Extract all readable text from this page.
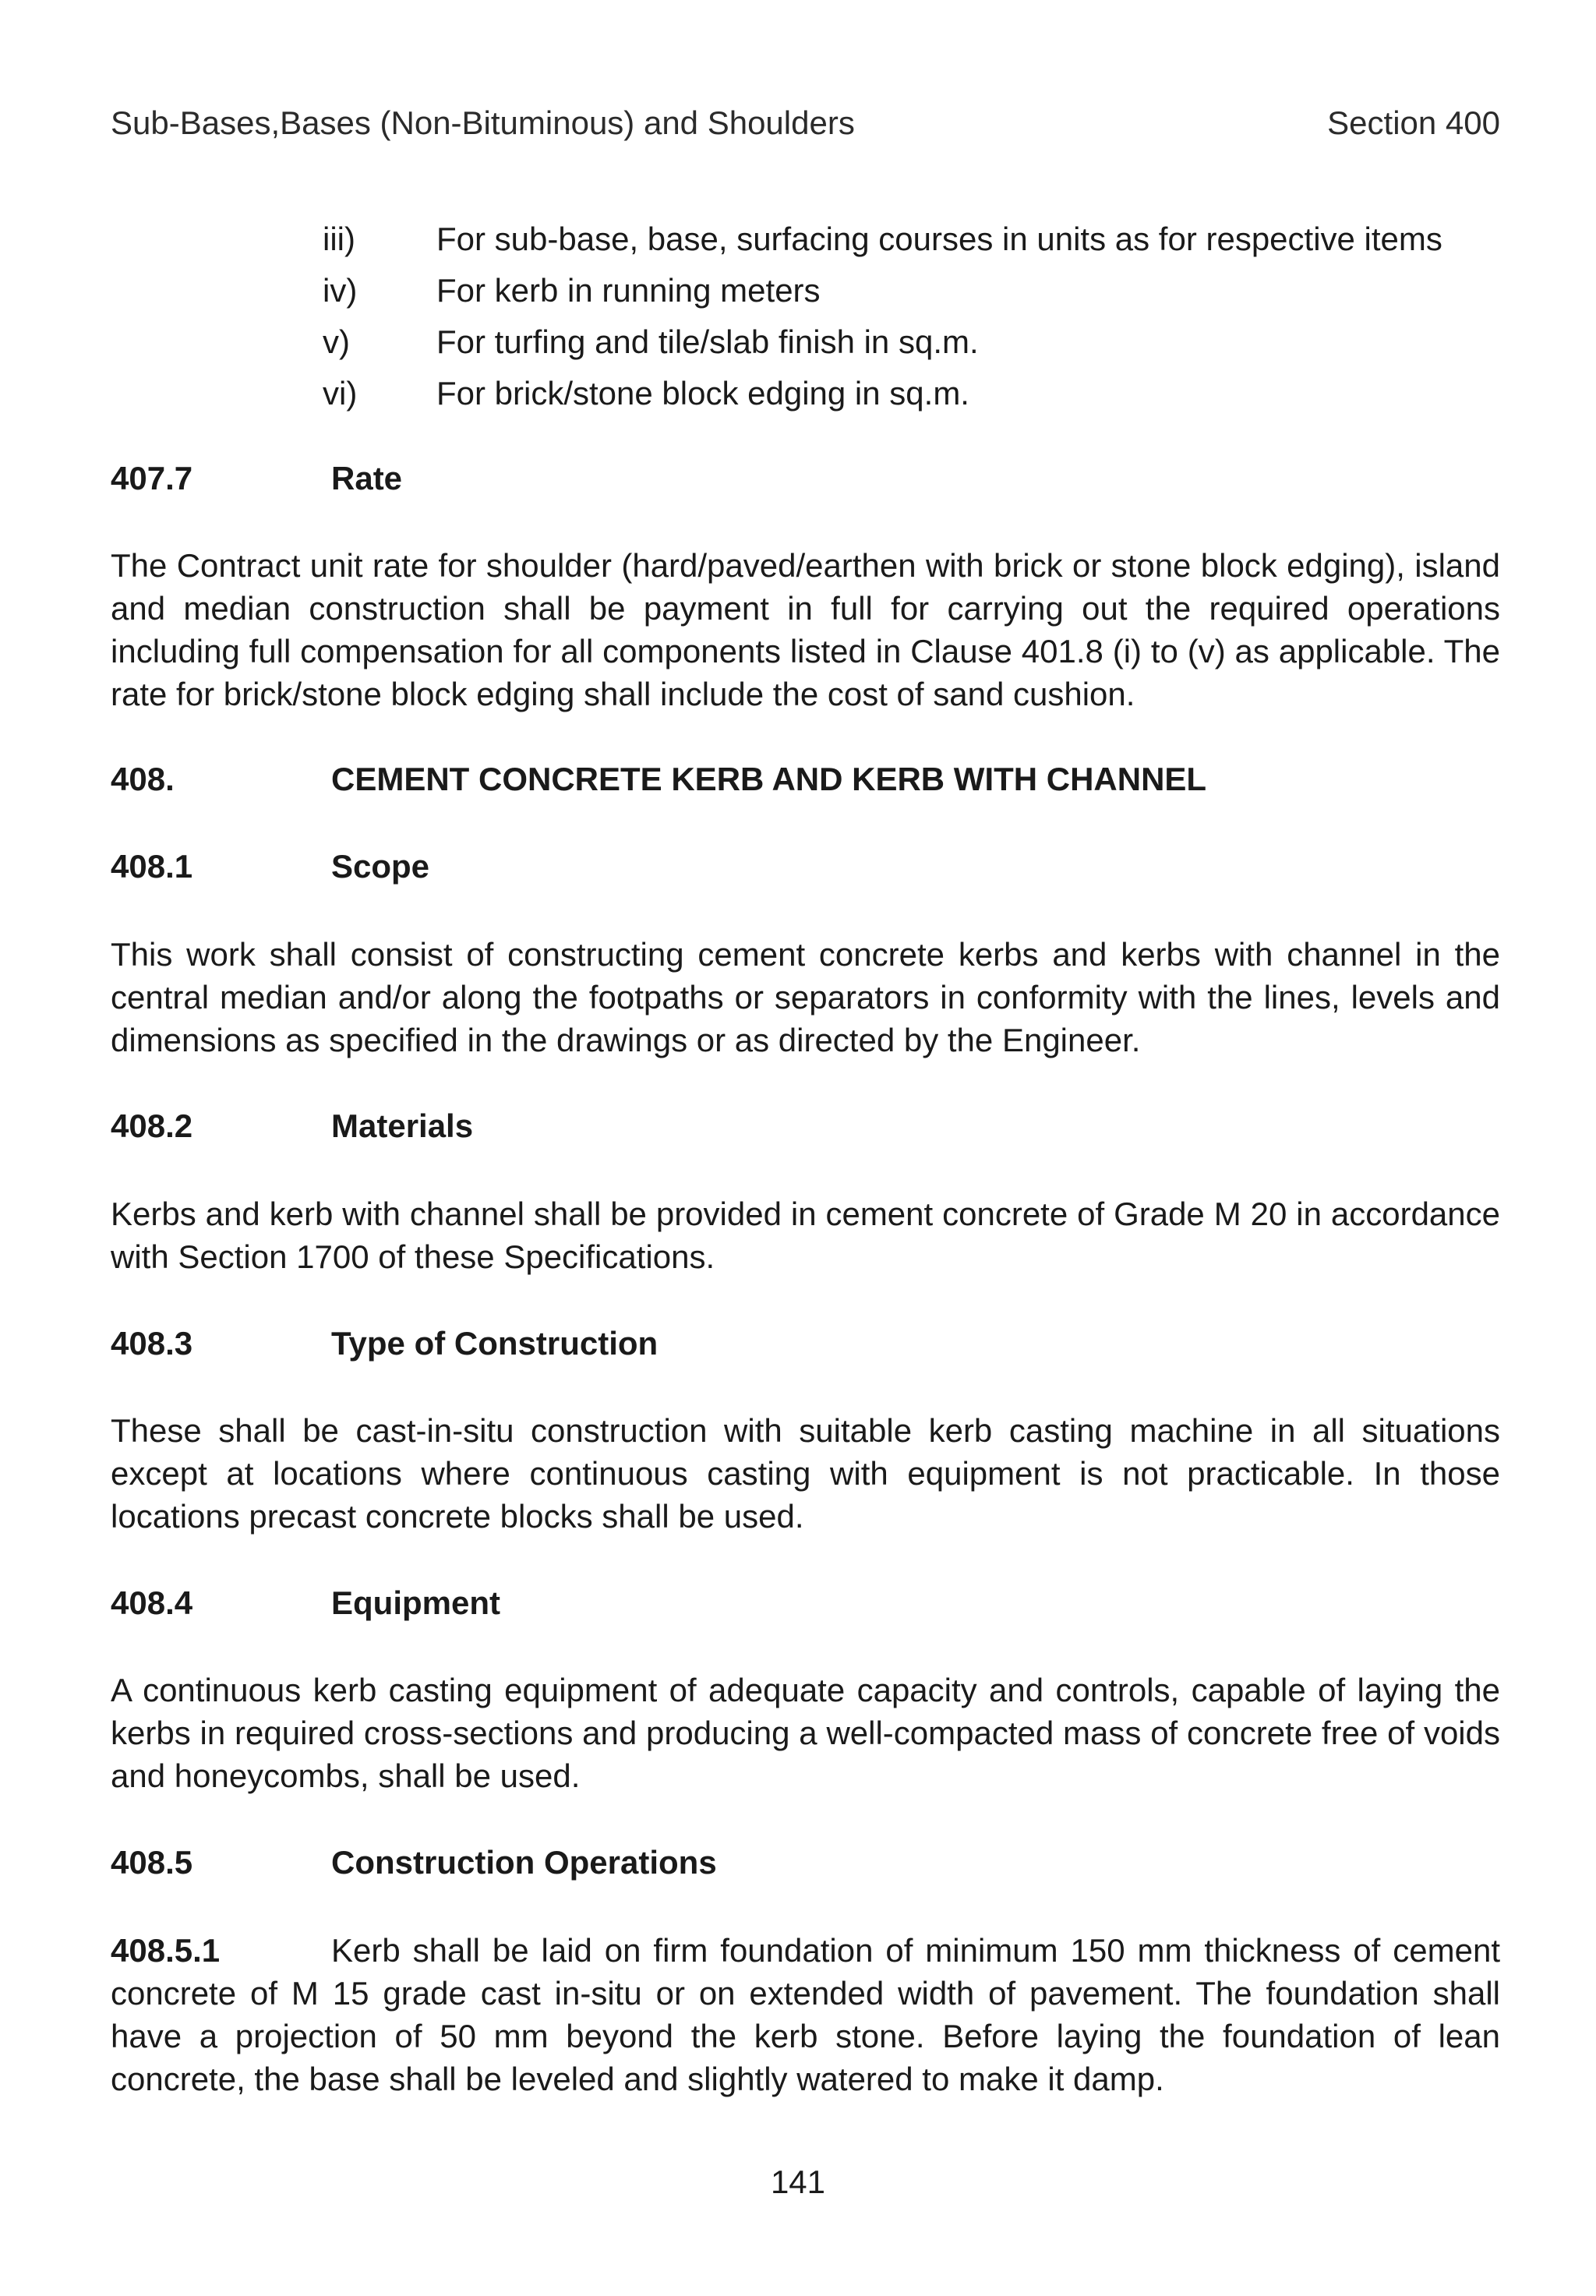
Sub-Bases,Bases (Non-Bituminous) and Shoulders	Section 400
iii)	For sub-base, base, surfacing courses in units as for respective items
iv)	For kerb in running meters
v)	For turfing and tile/slab finish in sq.m.
vi)	For brick/stone block edging in sq.m.
407.7	Rate

The Contract unit rate for shoulder (hard/paved/earthen with brick or stone block edging), island and median construction shall be payment in full for carrying out the required operations including full compensation for all components listed in Clause 401.8 (i) to (v) as applicable. The rate for brick/stone block edging shall include the cost of sand cushion.

408.	CEMENT CONCRETE KERB AND KERB WITH CHANNEL
408.1	Scope

This work shall consist of constructing cement concrete kerbs and kerbs with channel in the central median and/or along the footpaths or separators in conformity with the lines, levels and dimensions as specified in the drawings or as directed by the Engineer.

408.2	Materials

Kerbs and kerb with channel shall be provided in cement concrete of Grade M 20 in accordance with Section 1700 of these Specifications.

408.3	Type of Construction

These shall be cast-in-situ construction with suitable kerb casting machine in all situations except at locations where continuous casting with equipment is not practicable. In those locations precast concrete blocks shall be used.

408.4	Equipment

A continuous kerb casting equipment of adequate capacity and controls, capable of laying the kerbs in required cross-sections and producing a well-compacted mass of concrete free of voids and honeycombs, shall be used.

408.5	Construction Operations

408.5.1	Kerb shall be laid on firm foundation of minimum 150 mm thickness of cement concrete of M 15 grade cast in-situ or on extended width of pavement. The foundation shall have a projection of 50 mm beyond the kerb stone. Before laying the foundation of lean concrete, the base shall be leveled and slightly watered to make it damp.

141
